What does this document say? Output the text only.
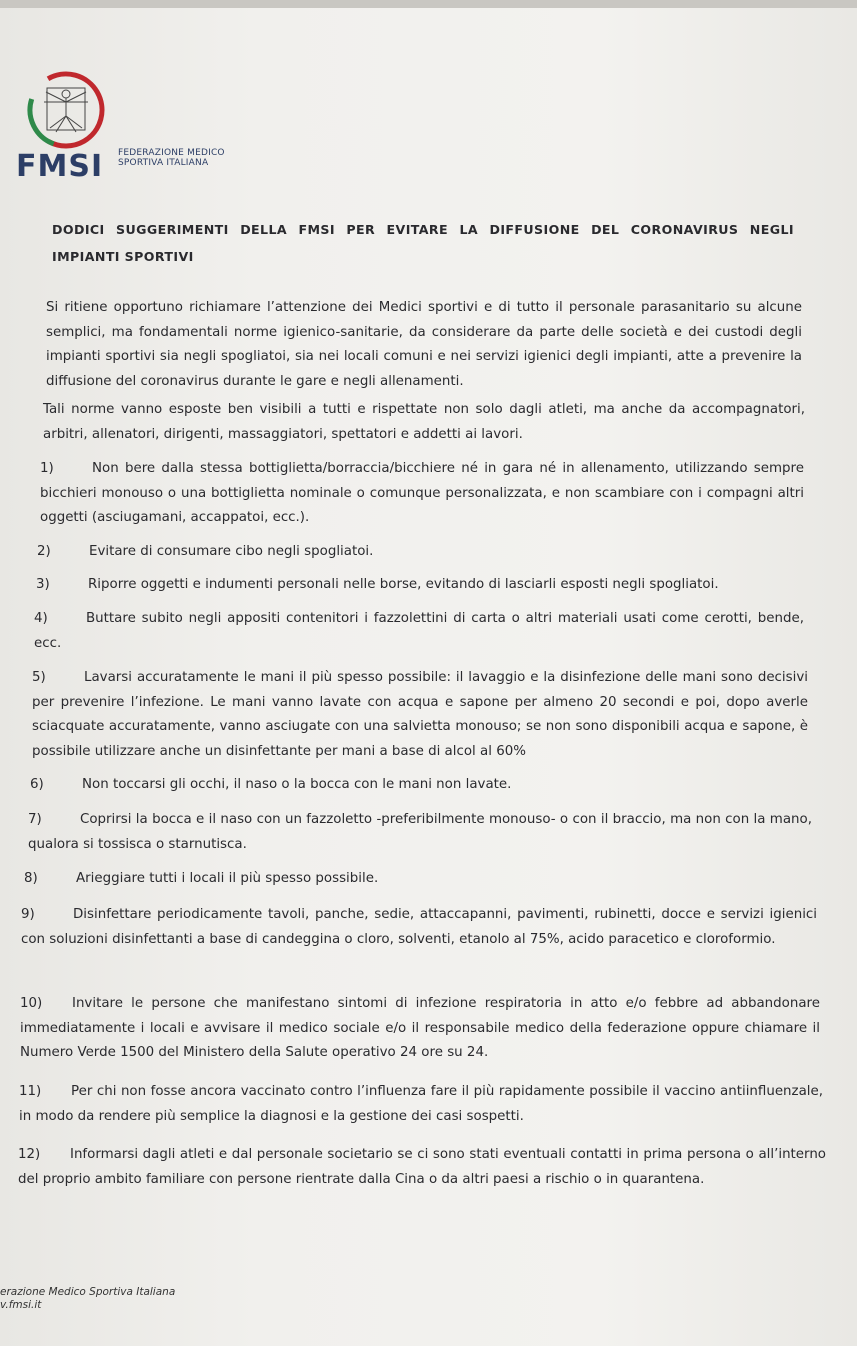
FMSI FEDERAZIONE MEDICO
SPORTIVA ITALIANA
DODICI SUGGERIMENTI DELLA FMSI PER EVITARE LA DIFFUSIONE DEL CORONAVIRUS NEGLI IMPIANTI SPORTIVI

Si ritiene opportuno richiamare l’attenzione dei Medici sportivi e di tutto il personale parasanitario su alcune semplici, ma fondamentali norme igienico-sanitarie, da considerare da parte delle società e dei custodi degli impianti sportivi sia negli spogliatoi, sia nei locali comuni e nei servizi igienici degli impianti, atte a prevenire la diffusione del coronavirus durante le gare e negli allenamenti.

Tali norme vanno esposte ben visibili a tutti e rispettate non solo dagli atleti, ma anche da accompagnatori, arbitri, allenatori, dirigenti, massaggiatori, spettatori e addetti ai lavori.

1)	Non bere dalla stessa bottiglietta/borraccia/bicchiere né in gara né in allenamento, utilizzando sempre bicchieri monouso o una bottiglietta nominale o comunque personalizzata, e non scambiare con i compagni altri oggetti (asciugamani, accappatoi, ecc.).
2)	Evitare di consumare cibo negli spogliatoi.
3)	Riporre oggetti e indumenti personali nelle borse, evitando di lasciarli esposti negli spogliatoi.
4)	Buttare subito negli appositi contenitori i fazzolettini di carta o altri materiali usati come cerotti, bende, ecc.
5)	Lavarsi accuratamente le mani il più spesso possibile: il lavaggio e la disinfezione delle mani sono decisivi per prevenire l’infezione. Le mani vanno lavate con acqua e sapone per almeno 20 secondi e poi, dopo averle sciacquate accuratamente, vanno asciugate con una salvietta monouso; se non sono disponibili acqua e sapone, è possibile utilizzare anche un disinfettante per mani a base di alcol al 60%
6)	Non toccarsi gli occhi, il naso o la bocca con le mani non lavate.
7)	Coprirsi la bocca e il naso con un fazzoletto -preferibilmente monouso- o con il braccio, ma non con la mano, qualora si tossisca o starnutisca.
8)	Arieggiare tutti i locali il più spesso possibile.
9)	Disinfettare periodicamente tavoli, panche, sedie, attaccapanni, pavimenti, rubinetti, docce e servizi igienici con soluzioni disinfettanti a base di candeggina o cloro, solventi, etanolo al 75%, acido paracetico e cloroformio.
10) Invitare le persone che manifestano sintomi di infezione respiratoria in atto e/o febbre ad abbandonare immediatamente i locali e avvisare il medico sociale e/o il responsabile medico della federazione oppure chiamare il Numero Verde 1500 del Ministero della Salute operativo 24 ore su 24.
11) Per chi non fosse ancora vaccinato contro l’influenza fare il più rapidamente possibile il vaccino antiinfluenzale, in modo da rendere più semplice la diagnosi e la gestione dei casi sospetti.
12) Informarsi dagli atleti e dal personale societario se ci sono stati eventuali contatti in prima persona o all’interno del proprio ambito familiare con persone rientrate dalla Cina o da altri paesi a rischio o in quarantena.
erazione Medico Sportiva Italiana
v.fmsi.it
